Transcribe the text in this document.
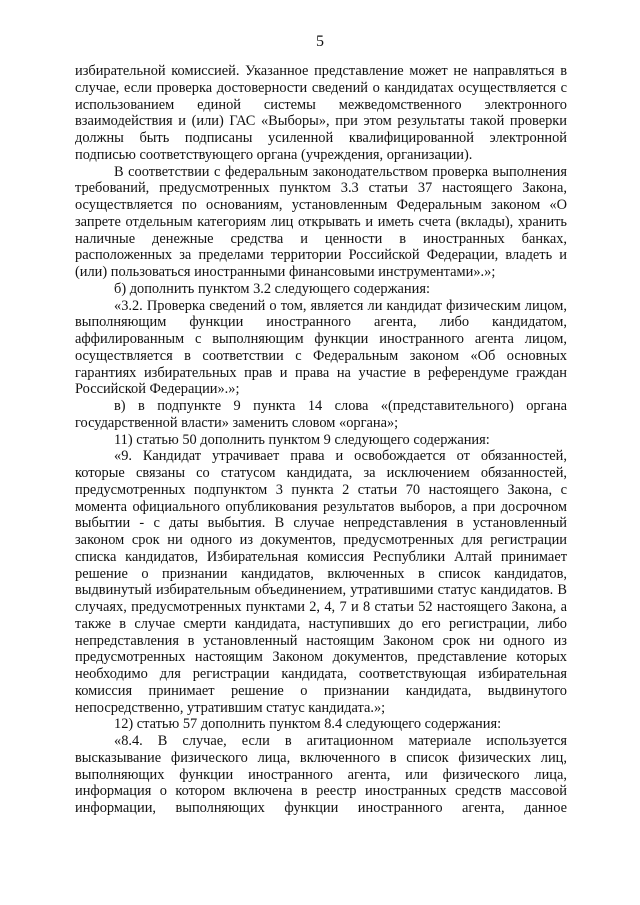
5

избирательной комиссией. Указанное представление может не направляться в случае, если проверка достоверности сведений о кандидатах осуществляется с использованием единой системы межведомственного электронного взаимодействия и (или) ГАС «Выборы», при этом результаты такой проверки должны быть подписаны усиленной квалифицированной электронной подписью соответствующего органа (учреждения, организации).

В соответствии с федеральным законодательством проверка выполнения требований, предусмотренных пунктом 3.3 статьи 37 настоящего Закона, осуществляется по основаниям, установленным Федеральным законом «О запрете отдельным категориям лиц открывать и иметь счета (вклады), хранить наличные денежные средства и ценности в иностранных банках, расположенных за пределами территории Российской Федерации, владеть и (или) пользоваться иностранными финансовыми инструментами».»;

б) дополнить пунктом 3.2 следующего содержания:

«3.2. Проверка сведений о том, является ли кандидат физическим лицом, выполняющим функции иностранного агента, либо кандидатом, аффилированным с выполняющим функции иностранного агента лицом, осуществляется в соответствии с Федеральным законом «Об основных гарантиях избирательных прав и права на участие в референдуме граждан Российской Федерации».»;

в) в подпункте 9 пункта 14 слова «(представительного) органа государственной власти» заменить словом «органа»;

11) статью 50 дополнить пунктом 9 следующего содержания:

«9. Кандидат утрачивает права и освобождается от обязанностей, которые связаны со статусом кандидата, за исключением обязанностей, предусмотренных подпунктом 3 пункта 2 статьи 70 настоящего Закона, с момента официального опубликования результатов выборов, а при досрочном выбытии - с даты выбытия. В случае непредставления в установленный законом срок ни одного из документов, предусмотренных для регистрации списка кандидатов, Избирательная комиссия Республики Алтай принимает решение о признании кандидатов, включенных в список кандидатов, выдвинутый избирательным объединением, утратившими статус кандидатов. В случаях, предусмотренных пунктами 2, 4, 7 и 8 статьи 52 настоящего Закона, а также в случае смерти кандидата, наступивших до его регистрации, либо непредставления в установленный настоящим Законом срок ни одного из предусмотренных настоящим Законом документов, представление которых необходимо для регистрации кандидата, соответствующая избирательная комиссия принимает решение о признании кандидата, выдвинутого непосредственно, утратившим статус кандидата.»;

12) статью 57 дополнить пунктом 8.4 следующего содержания:

«8.4. В случае, если в агитационном материале используется высказывание физического лица, включенного в список физических лиц, выполняющих функции иностранного агента, или физического лица, информация о котором включена в реестр иностранных средств массовой информации, выполняющих функции иностранного агента, данное
